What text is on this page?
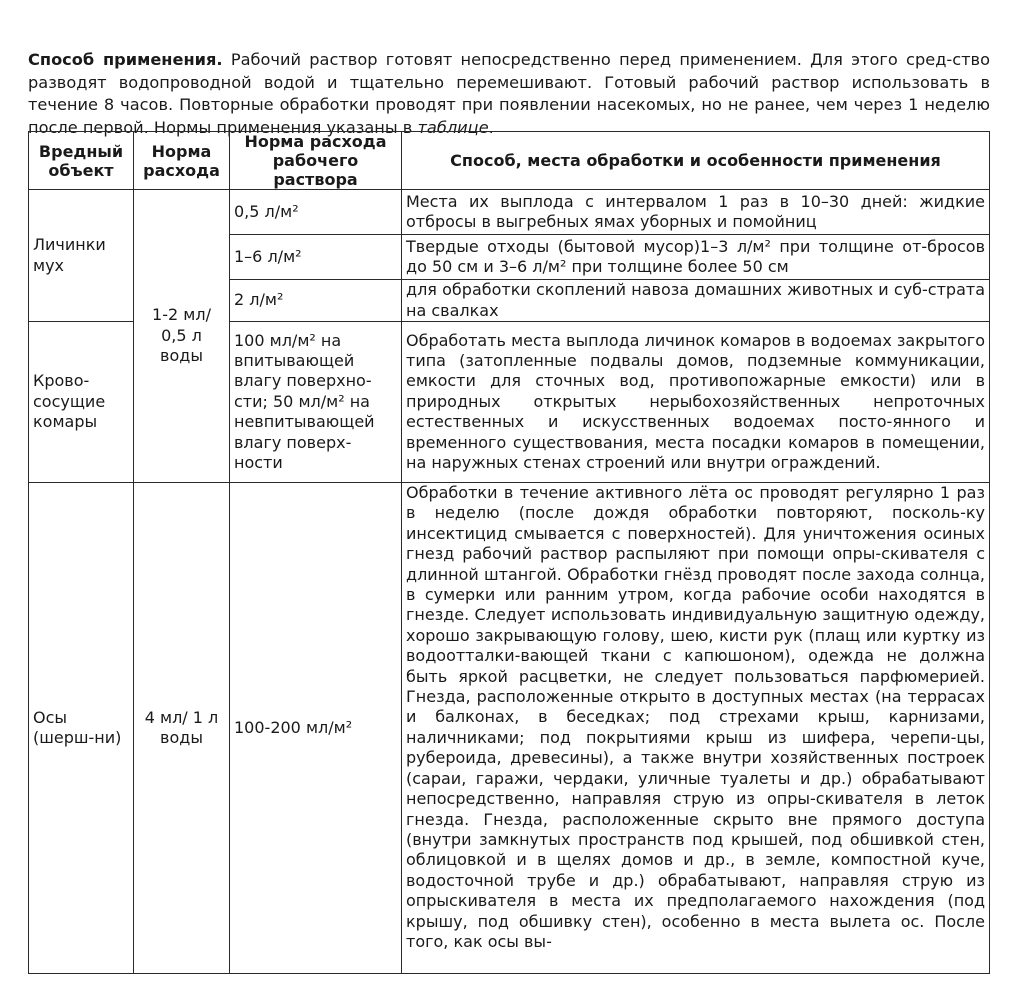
Способ применения. Рабочий раствор готовят непосредственно перед применением. Для этого сред-ство разводят водопроводной водой и тщательно перемешивают. Готовый рабочий раствор использовать в течение 8 часов. Повторные обработки проводят при появлении насекомых, но не ранее, чем через 1 неделю после первой. Нормы применения указаны в таблице.

Вредный объект	Норма расхода	Норма расхода рабочего раствора	Способ, места обработки и особенности применения
Личинки мух	1-2 мл/ 0,5 л воды	0,5 л/м²	Места их выплода с интервалом 1 раз в 10–30 дней: жидкие отбросы в выгребных ямах уборных и помойниц
		1–6 л/м²	Твердые отходы (бытовой мусор)1–3 л/м² при толщине от-бросов до 50 см и 3–6 л/м² при толщине более 50 см
		2 л/м²	для обработки скоплений навоза домашних животных и суб-страта на свалках
Крово-сосущие комары		100 мл/м² на впитывающей влагу поверхно-сти; 50 мл/м² на невпитывающей влагу поверх-ности	Обработать места выплода личинок комаров в водоемах закрытого типа (затопленные подвалы домов, подземные коммуникации, емкости для сточных вод, противопожарные емкости) или в природных открытых нерыбохозяйственных непроточных естественных и искусственных водоемах посто-янного и временного существования, места посадки комаров в помещении, на наружных стенах строений или внутри ограждений.
Осы (шерш-ни)	4 мл/ 1 л воды	100-200 мл/м²	Обработки в течение активного лёта ос проводят регулярно 1 раз в неделю (после дождя обработки повторяют, посколь-ку инсектицид смывается с поверхностей). Для уничтожения осиных гнезд рабочий раствор распыляют при помощи опры-скивателя с длинной штангой. Обработки гнёзд проводят после захода солнца, в сумерки или ранним утром, когда рабочие особи находятся в гнезде. Следует использовать индивидуальную защитную одежду, хорошо закрывающую голову, шею, кисти рук (плащ или куртку из водоотталки-вающей ткани с капюшоном), одежда не должна быть яркой расцветки, не следует пользоваться парфюмерией. Гнезда, расположенные открыто в доступных местах (на террасах и балконах, в беседках; под стрехами крыш, карнизами, наличниками; под покрытиями крыш из шифера, черепи-цы, рубероида, древесины), а также внутри хозяйственных построек (сараи, гаражи, чердаки, уличные туалеты и др.) обрабатывают непосредственно, направляя струю из опры-скивателя в леток гнезда. Гнезда, расположенные скрыто вне прямого доступа (внутри замкнутых пространств под крышей, под обшивкой стен, облицовкой и в щелях домов и др., в земле, компостной куче, водосточной трубе и др.) обрабатывают, направляя струю из опрыскивателя в места их предполагаемого нахождения (под крышу, под обшивку стен), особенно в места вылета ос. После того, как осы вы-
